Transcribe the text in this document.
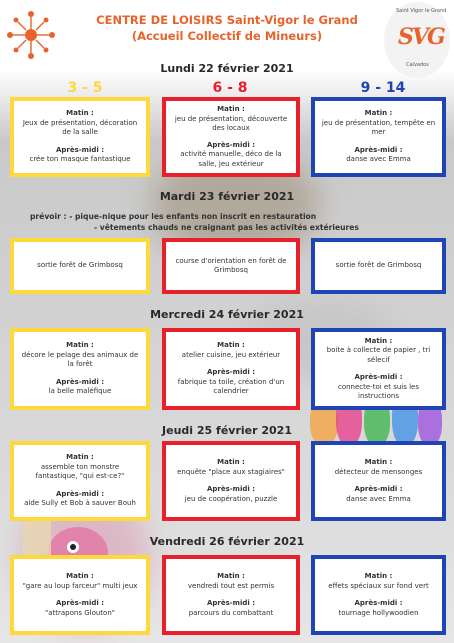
CENTRE DE LOISIRS Saint-Vigor le Grand
(Accueil Collectif de Mineurs)
Saint Vigor le Grand
SVG
Calvados
3 - 5	6 - 8	9 - 14
Lundi 22 février 2021
Matin :
Jeux de présentation, décoration de la salle
Après-midi :
crée ton masque fantastique
Matin :
jeu de présentation, découverte des locaux
Après-midi :
activité manuelle, déco de la salle, jeu extérieur
Matin :
jeu de présentation, tempête en mer
Après-midi :
danse avec Emma
Mardi 23 février 2021
prévoir : - pique-nique pour les enfants non inscrit en restauration
- vêtements chauds ne craignant pas les activités extérieures
sortie forêt de Grimbosq
course d'orientation en forêt de Grimbosq
sortie forêt de Grimbosq
Mercredi 24 février 2021
Matin :
décore le pelage des animaux de la forêt
Après-midi :
la belle maléfique
Matin :
atelier cuisine, jeu extérieur
Après-midi :
fabrique ta toile, création d'un calendrier
Matin :
boite à collecte de papier , tri sélecif
Après-midi :
connecte-toi et suis les instructions
Jeudi 25 février 2021
Matin :
assemble ton monstre fantastique, "qui est-ce?"
Après-midi :
aide Sully et Bob à sauver Bouh
Matin :
enquête "place aux stagiaires"
Après-midi :
jeu de coopération, puzzle
Matin :
détecteur de mensonges
Après-midi :
danse avec Emma
Vendredi 26 février 2021
Matin :
"gare au loup farceur" multi jeux
Après-midi :
"attrapons Glouton"
Matin :
vendredi tout est permis
Après-midi :
parcours du combattant
Matin :
effets spéciaux sur fond vert
Après-midi :
tournage hollywoodien
